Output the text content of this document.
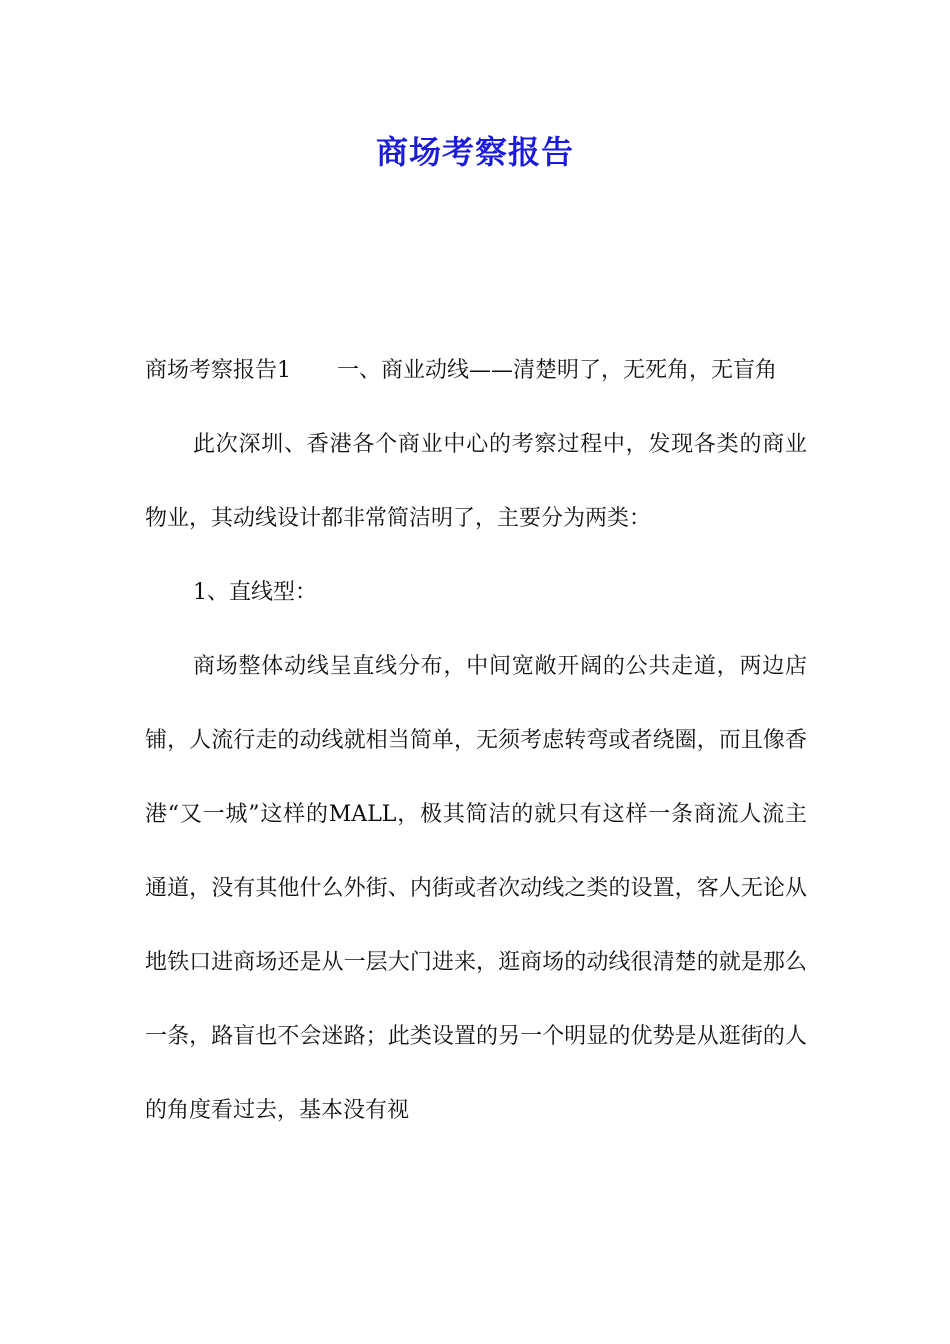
商场考察报告

商场考察报告1 一、商业动线——清楚明了，无死角，无盲角

此次深圳、香港各个商业中心的考察过程中，发现各类的商业物业，其动线设计都非常简洁明了，主要分为两类：

1、直线型：

商场整体动线呈直线分布，中间宽敞开阔的公共走道，两边店铺，人流行走的动线就相当简单，无须考虑转弯或者绕圈，而且像香港“又一城”这样的MALL，极其简洁的就只有这样一条商流人流主通道，没有其他什么外街、内街或者次动线之类的设置，客人无论从地铁口进商场还是从一层大门进来，逛商场的动线很清楚的就是那么一条，路盲也不会迷路；此类设置的另一个明显的优势是从逛街的人的角度看过去，基本没有视
